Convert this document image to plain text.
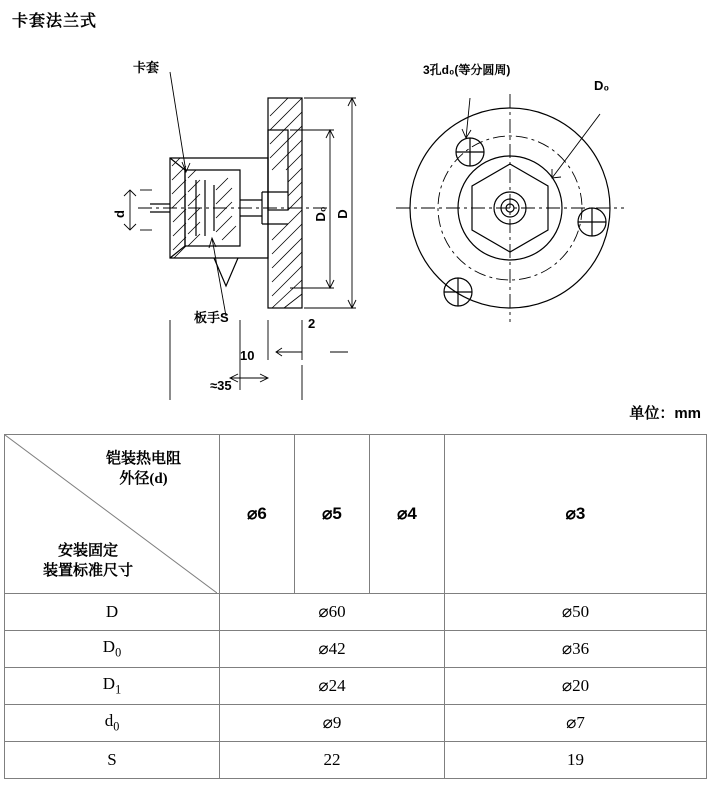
卡套法兰式
卡套
板手S
3孔d₀(等分圆周)
D₀
d	D₀ D
2
10
≈35
单位：mm
铠装热电阻
外径(d)
安装固定
装置标准尺寸	⌀6	⌀5	⌀4	⌀3
D	⌀60			⌀50
$D_0$	⌀42			⌀36
$D_1$	⌀24			⌀20
$d_0$	⌀9			⌀7
S	22			19
